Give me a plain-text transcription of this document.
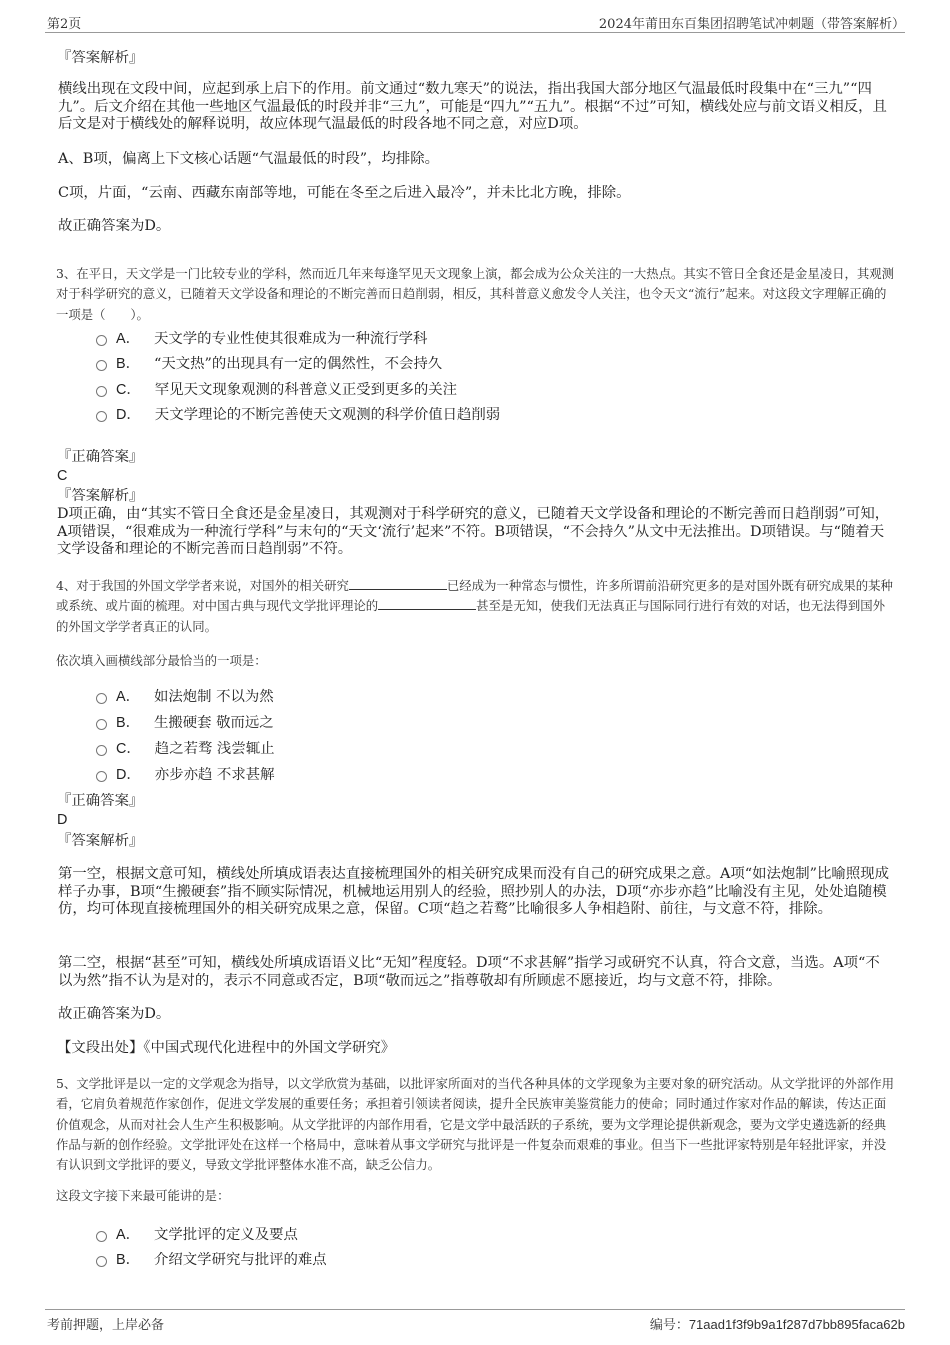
第2页	2024年莆田东百集团招聘笔试冲刺题（带答案解析）
『答案解析』

横线出现在文段中间，应起到承上启下的作用。前文通过“数九寒天”的说法，指出我国大部分地区气温最低时段集中在“三九”“四九”。后文介绍在其他一些地区气温最低的时段并非“三九”，可能是“四九”“五九”。根据“不过”可知，横线处应与前文语义相反，且后文是对于横线处的解释说明，故应体现气温最低的时段各地不同之意，对应D项。

A、B项，偏离上下文核心话题“气温最低的时段”，均排除。

C项，片面，“云南、西藏东南部等地，可能在冬至之后进入最冷”，并未比北方晚，排除。

故正确答案为D。

3、在平日，天文学是一门比较专业的学科，然而近几年来每逢罕见天文现象上演，都会成为公众关注的一大热点。其实不管日全食还是金星凌日，其观测对于科学研究的意义，已随着天文学设备和理论的不断完善而日趋削弱，相反，其科普意义愈发令人关注，也令天文“流行”起来。对这段文字理解正确的一项是（　　）。
A． 天文学的专业性使其很难成为一种流行学科
B． “天文热”的出现具有一定的偶然性，不会持久
C． 罕见天文现象观测的科普意义正受到更多的关注
D． 天文学理论的不断完善使天文观测的科学价值日趋削弱
『正确答案』
C
『答案解析』

D项正确，由“其实不管日全食还是金星凌日，其观测对于科学研究的意义，已随着天文学设备和理论的不断完善而日趋削弱”可知，A项错误，“很难成为一种流行学科”与末句的“天文‘流行’起来”不符。B项错误，“不会持久”从文中无法推出。D项错误。与“随着天文学设备和理论的不断完善而日趋削弱”不符。

4、对于我国的外国文学学者来说，对国外的相关研究	已经成为一种常态与惯性，许多所谓前沿研究更多的是对国外既有研究成果的某种或系统、或片面的梳理。对中国古典与现代文学批评理论的	甚至是无知，使我们无法真正与国际同行进行有效的对话，也无法得到国外的外国文学学者真正的认同。
依次填入画横线部分最恰当的一项是：
A． 如法炮制 不以为然
B． 生搬硬套 敬而远之
C． 趋之若骛 浅尝辄止
D． 亦步亦趋 不求甚解
『正确答案』
D
『答案解析』

第一空，根据文意可知，横线处所填成语表达直接梳理国外的相关研究成果而没有自己的研究成果之意。A项“如法炮制”比喻照现成样子办事，B项“生搬硬套”指不顾实际情况，机械地运用别人的经验，照抄别人的办法，D项“亦步亦趋”比喻没有主见，处处追随模仿，均可体现直接梳理国外的相关研究成果之意，保留。C项“趋之若鹜”比喻很多人争相趋附、前往，与文意不符，排除。

第二空，根据“甚至”可知，横线处所填成语语义比“无知”程度轻。D项“不求甚解”指学习或研究不认真，符合文意，当选。A项“不以为然”指不认为是对的，表示不同意或否定，B项“敬而远之”指尊敬却有所顾虑不愿接近，均与文意不符，排除。

故正确答案为D。

【文段出处】《中国式现代化进程中的外国文学研究》

5、文学批评是以一定的文学观念为指导，以文学欣赏为基础，以批评家所面对的当代各种具体的文学现象为主要对象的研究活动。从文学批评的外部作用看，它肩负着规范作家创作，促进文学发展的重要任务；承担着引领读者阅读，提升全民族审美鉴赏能力的使命；同时通过作家对作品的解读，传达正面价值观念，从而对社会人生产生积极影响。从文学批评的内部作用看，它是文学中最活跃的子系统，要为文学理论提供新观念，要为文学史遴选新的经典作品与新的创作经验。文学批评处在这样一个格局中，意味着从事文学研究与批评是一件复杂而艰难的事业。但当下一些批评家特别是年轻批评家，并没有认识到文学批评的要义，导致文学批评整体水准不高，缺乏公信力。
这段文字接下来最可能讲的是：
A． 文学批评的定义及要点
B． 介绍文学研究与批评的难点
考前押题，上岸必备	编号：71aad1f3f9b9a1f287d7bb895faca62b
